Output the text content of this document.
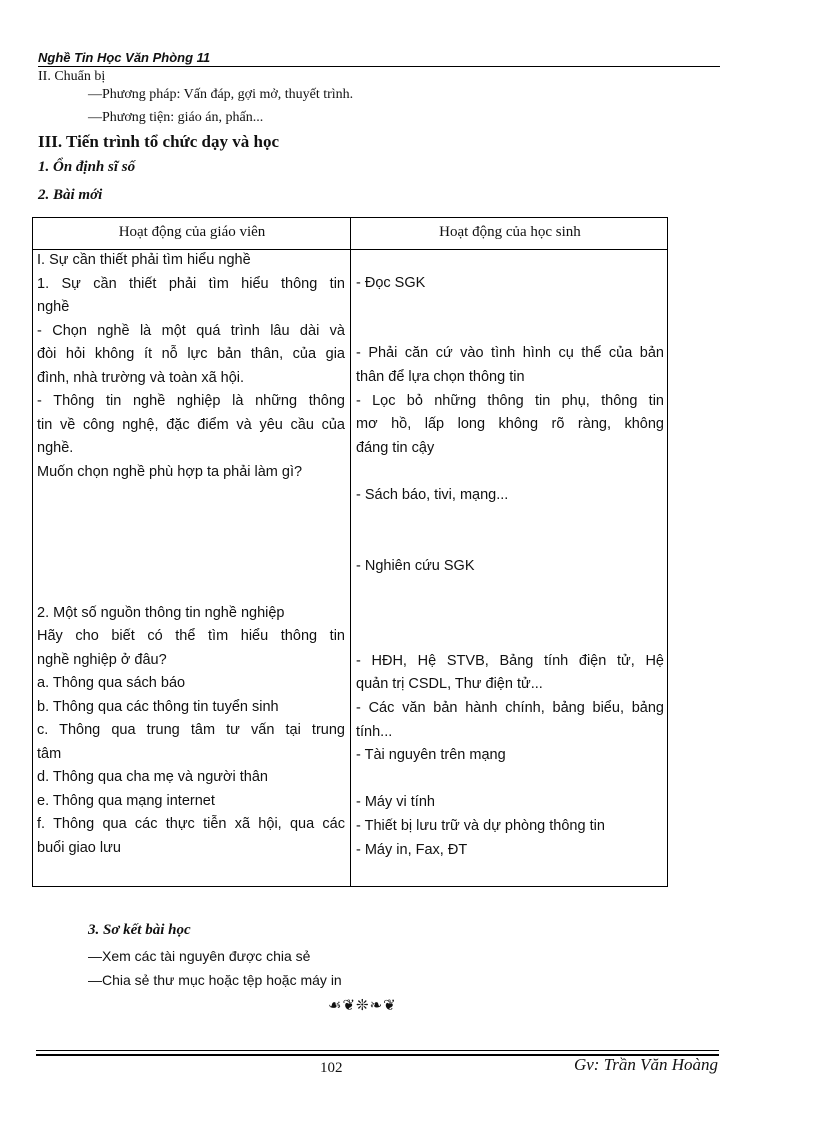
Nghề Tin Học Văn Phòng 11
II. Chuẩn bị
—Phương pháp: Vấn đáp, gợi mở, thuyết trình.
—Phương tiện: giáo án, phấn...
III. Tiến trình tổ chức dạy và học
1. Ổn định sĩ số
2. Bài mới
Hoạt động của giáo viên	Hoạt động của học sinh
I. Sự cần thiết phải tìm hiểu nghề
1. Sự cần thiết phải tìm hiểu thông tin
nghề
- Chọn nghề là một quá trình lâu dài và
đòi hỏi không ít nỗ lực bản thân, của gia
đình, nhà trường và toàn xã hội.
- Thông tin nghề nghiệp là những thông
tin về công nghệ, đặc điểm và yêu cầu của
nghề.
Muốn chọn nghề phù hợp ta phải làm gì?
2. Một số nguồn thông tin nghề nghiệp
Hãy cho biết có thể tìm hiểu thông tin
nghề nghiệp ở đâu?
a. Thông qua sách báo
b. Thông qua các thông tin tuyển sinh
c. Thông qua trung tâm tư vấn tại trung
tâm
d. Thông qua cha mẹ và người thân
e. Thông qua mạng internet
f. Thông qua các thực tiễn xã hội, qua các
buổi giao lưu
- Đọc SGK
- Phải căn cứ vào tình hình cụ thể của bản
thân để lựa chọn thông tin
- Lọc bỏ những thông tin phụ, thông tin
mơ hồ, lấp long không rõ ràng, không
đáng tin cậy
- Sách báo, tivi, mạng...
- Nghiên cứu SGK
- HĐH, Hệ STVB, Bảng tính điện tử, Hệ
quản trị CSDL, Thư điện tử...
- Các văn bản hành chính, bảng biểu, bảng
tính...
- Tài nguyên trên mạng
- Máy vi tính
- Thiết bị lưu trữ và dự phòng thông tin
- Máy in, Fax, ĐT
3. Sơ kết bài học
—Xem các tài nguyên được chia sẻ
—Chia sẻ thư mục hoặc tệp hoặc máy in
☙❦❊❧❦
102	Gv: Trần Văn Hoàng
